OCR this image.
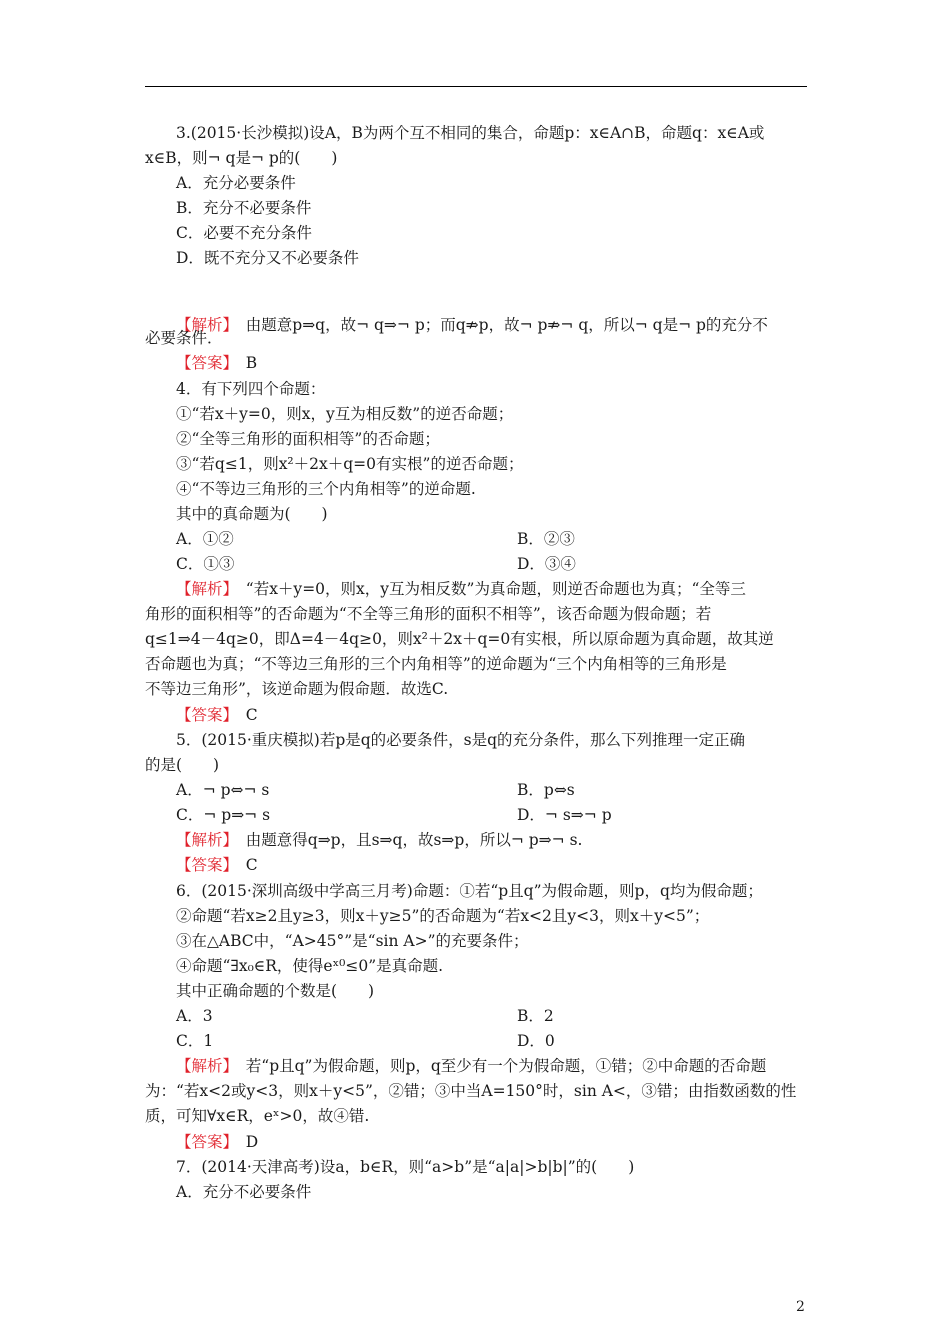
3.(2015·长沙模拟)设A，B为两个互不相同的集合，命题p：x∈A∩B，命题q：x∈A或
x∈B，则¬ q是¬ p的(　　)
A．充分必要条件
B．充分不必要条件
C．必要不充分条件
D．既不充分又不必要条件
【解析】　由题意p⇒q，故¬ q⇒¬ p；而q⇏p，故¬ p⇏¬ q，所以¬ q是¬ p的充分不
必要条件．
【答案】　B
4．有下列四个命题：
①“若x＋y=0，则x，y互为相反数”的逆否命题；
②“全等三角形的面积相等”的否命题；
③“若q≤1，则x²＋2x＋q=0有实根”的逆否命题；
④“不等边三角形的三个内角相等”的逆命题.
其中的真命题为(　　)
A．①②	B．②③
C．①③	D．③④
【解析】　“若x＋y=0，则x，y互为相反数”为真命题，则逆否命题也为真；“全等三
角形的面积相等”的否命题为“不全等三角形的面积不相等”，该否命题为假命题；若
q≤1⇒4－4q≥0，即Δ=4－4q≥0，则x²＋2x＋q=0有实根，所以原命题为真命题，故其逆
否命题也为真；“不等边三角形的三个内角相等”的逆命题为“三个内角相等的三角形是
不等边三角形”，该逆命题为假命题．故选C.
【答案】　C
5．(2015·重庆模拟)若p是q的必要条件，s是q的充分条件，那么下列推理一定正确
的是(　　)
A．¬ p⇔¬ s	B．p⇔s
C．¬ p⇒¬ s	D．¬ s⇒¬ p
【解析】　由题意得q⇒p，且s⇒q，故s⇒p，所以¬ p⇒¬ s.
【答案】　C
6．(2015·深圳高级中学高三月考)命题：①若“p且q”为假命题，则p，q均为假命题；
②命题“若x≥2且y≥3，则x＋y≥5”的否命题为“若x<2且y<3，则x＋y<5”；
③在△ABC中，“A>45°”是“sin A>”的充要条件；
④命题“∃x₀∈R，使得eˣ⁰≤0”是真命题.
其中正确命题的个数是(　　)
A．3	B．2
C．1	D．0
【解析】　若“p且q”为假命题，则p，q至少有一个为假命题，①错；②中命题的否命题
为：“若x<2或y<3，则x＋y<5”，②错；③中当A=150°时，sin A<，③错；由指数函数的性
质，可知∀x∈R，eˣ>0，故④错.
【答案】　D
7．(2014·天津高考)设a，b∈R，则“a>b”是“a|a|>b|b|”的(　　)
A．充分不必要条件
2
